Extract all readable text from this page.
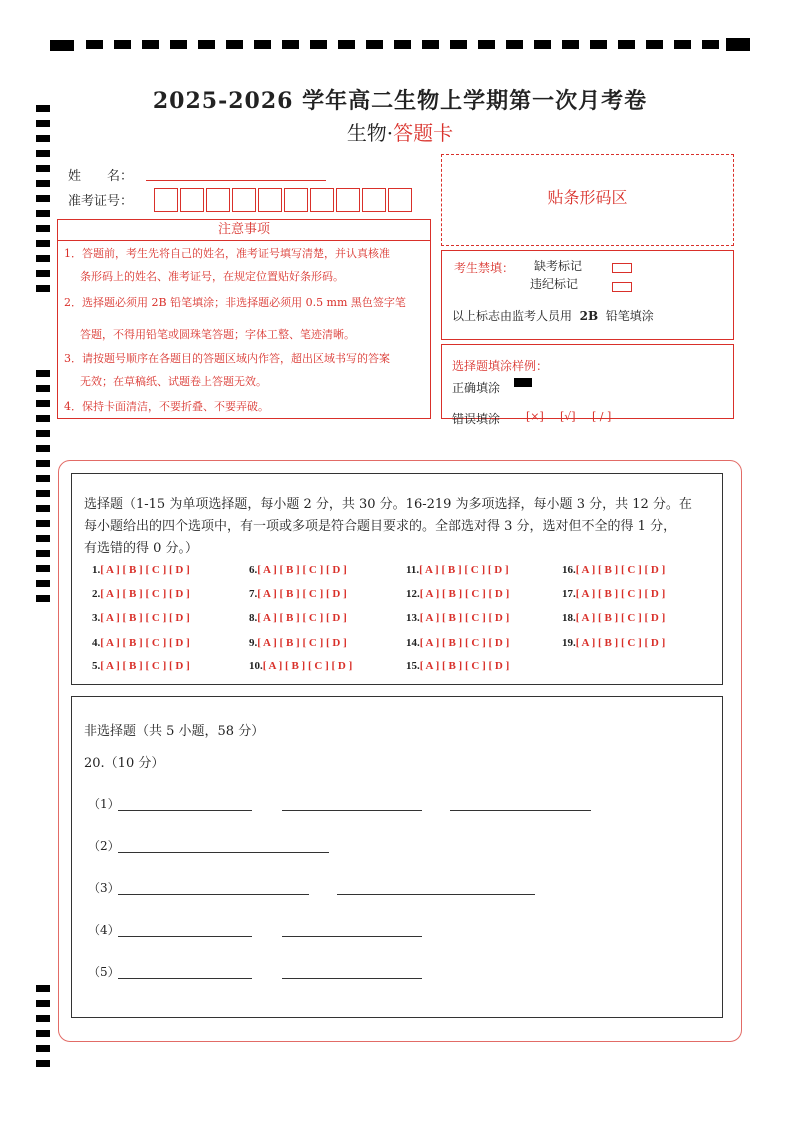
2025-2026 学年高二生物上学期第一次月考卷
生物·答题卡
姓　　名：
准考证号：	贴条形码区
注意事项
1．答题前，考生先将自己的姓名，准考证号填写清楚，并认真核准
条形码上的姓名、准考证号，在规定位置贴好条形码。
2．选择题必须用 2B 铅笔填涂；非选择题必须用 0.5 mm 黑色签字笔
答题，不得用铅笔或圆珠笔答题；字体工整、笔迹清晰。
3．请按题号顺序在各题目的答题区域内作答，超出区域书写的答案
无效；在草稿纸、试题卷上答题无效。
4．保持卡面清洁，不要折叠、不要弄破。
考生禁填： 缺考标记
违纪标记
以上标志由监考人员用 2B 铅笔填涂
选择题填涂样例：
正确填涂
错误填涂 [×] [√] [ / ]
选择题（1-15 为单项选择题，每小题 2 分，共 30 分。16-219 为多项选择，每小题 3 分，共 12 分。在
每小题给出的四个选项中，有一项或多项是符合题目要求的。全部选对得 3 分，选对但不全的得 1 分，
有选错的得 0 分。）
1.[ A ] [ B ] [ C ] [ D ]
2.[ A ] [ B ] [ C ] [ D ]
3.[ A ] [ B ] [ C ] [ D ]
4.[ A ] [ B ] [ C ] [ D ]
5.[ A ] [ B ] [ C ] [ D ]
6.[ A ] [ B ] [ C ] [ D ]
7.[ A ] [ B ] [ C ] [ D ]
8.[ A ] [ B ] [ C ] [ D ]
9.[ A ] [ B ] [ C ] [ D ]
10.[ A ] [ B ] [ C ] [ D ]
11.[ A ] [ B ] [ C ] [ D ]
12.[ A ] [ B ] [ C ] [ D ]
13.[ A ] [ B ] [ C ] [ D ]
14.[ A ] [ B ] [ C ] [ D ]
15.[ A ] [ B ] [ C ] [ D ]
16.[ A ] [ B ] [ C ] [ D ]
17.[ A ] [ B ] [ C ] [ D ]
18.[ A ] [ B ] [ C ] [ D ]
19.[ A ] [ B ] [ C ] [ D ]
非选择题（共 5 小题，58 分）
20.（10 分）
（1）
（2）
（3）
（4）
（5）
